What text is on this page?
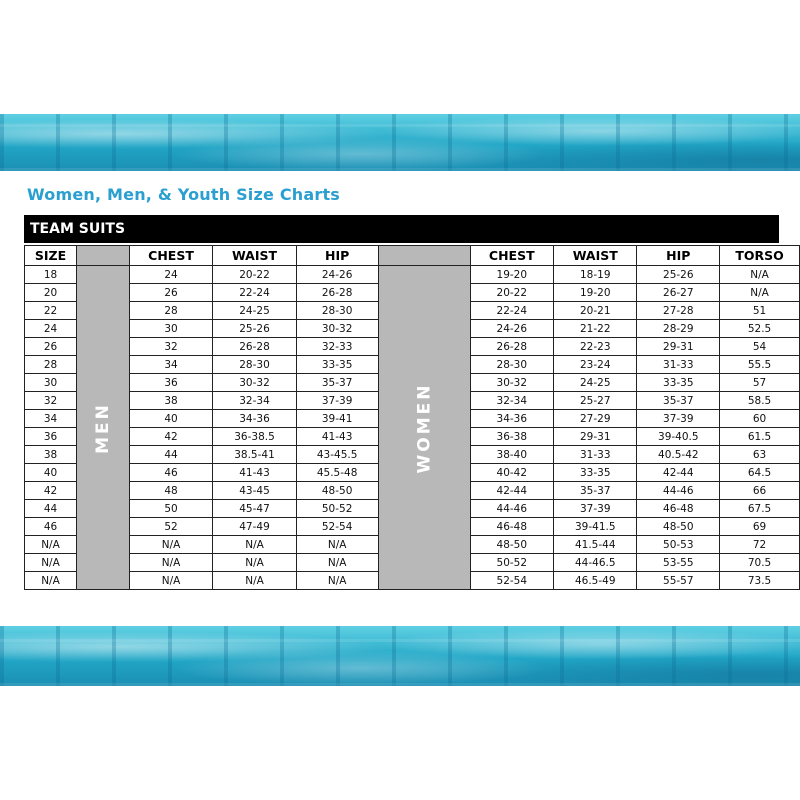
Women, Men, & Youth Size Charts
TEAM SUITS
SIZE		CHEST	WAIST	HIP		CHEST	WAIST	HIP	TORSO
18	MEN	24	20-22	24-26	WOMEN	19-20	18-19	25-26	N/A
20		26	22-24	26-28		20-22	19-20	26-27	N/A
22		28	24-25	28-30		22-24	20-21	27-28	51
24		30	25-26	30-32		24-26	21-22	28-29	52.5
26		32	26-28	32-33		26-28	22-23	29-31	54
28		34	28-30	33-35		28-30	23-24	31-33	55.5
30		36	30-32	35-37		30-32	24-25	33-35	57
32		38	32-34	37-39		32-34	25-27	35-37	58.5
34		40	34-36	39-41		34-36	27-29	37-39	60
36		42	36-38.5	41-43		36-38	29-31	39-40.5	61.5
38		44	38.5-41	43-45.5		38-40	31-33	40.5-42	63
40		46	41-43	45.5-48		40-42	33-35	42-44	64.5
42		48	43-45	48-50		42-44	35-37	44-46	66
44		50	45-47	50-52		44-46	37-39	46-48	67.5
46		52	47-49	52-54		46-48	39-41.5	48-50	69
N/A		N/A	N/A	N/A		48-50	41.5-44	50-53	72
N/A		N/A	N/A	N/A		50-52	44-46.5	53-55	70.5
N/A		N/A	N/A	N/A		52-54	46.5-49	55-57	73.5
